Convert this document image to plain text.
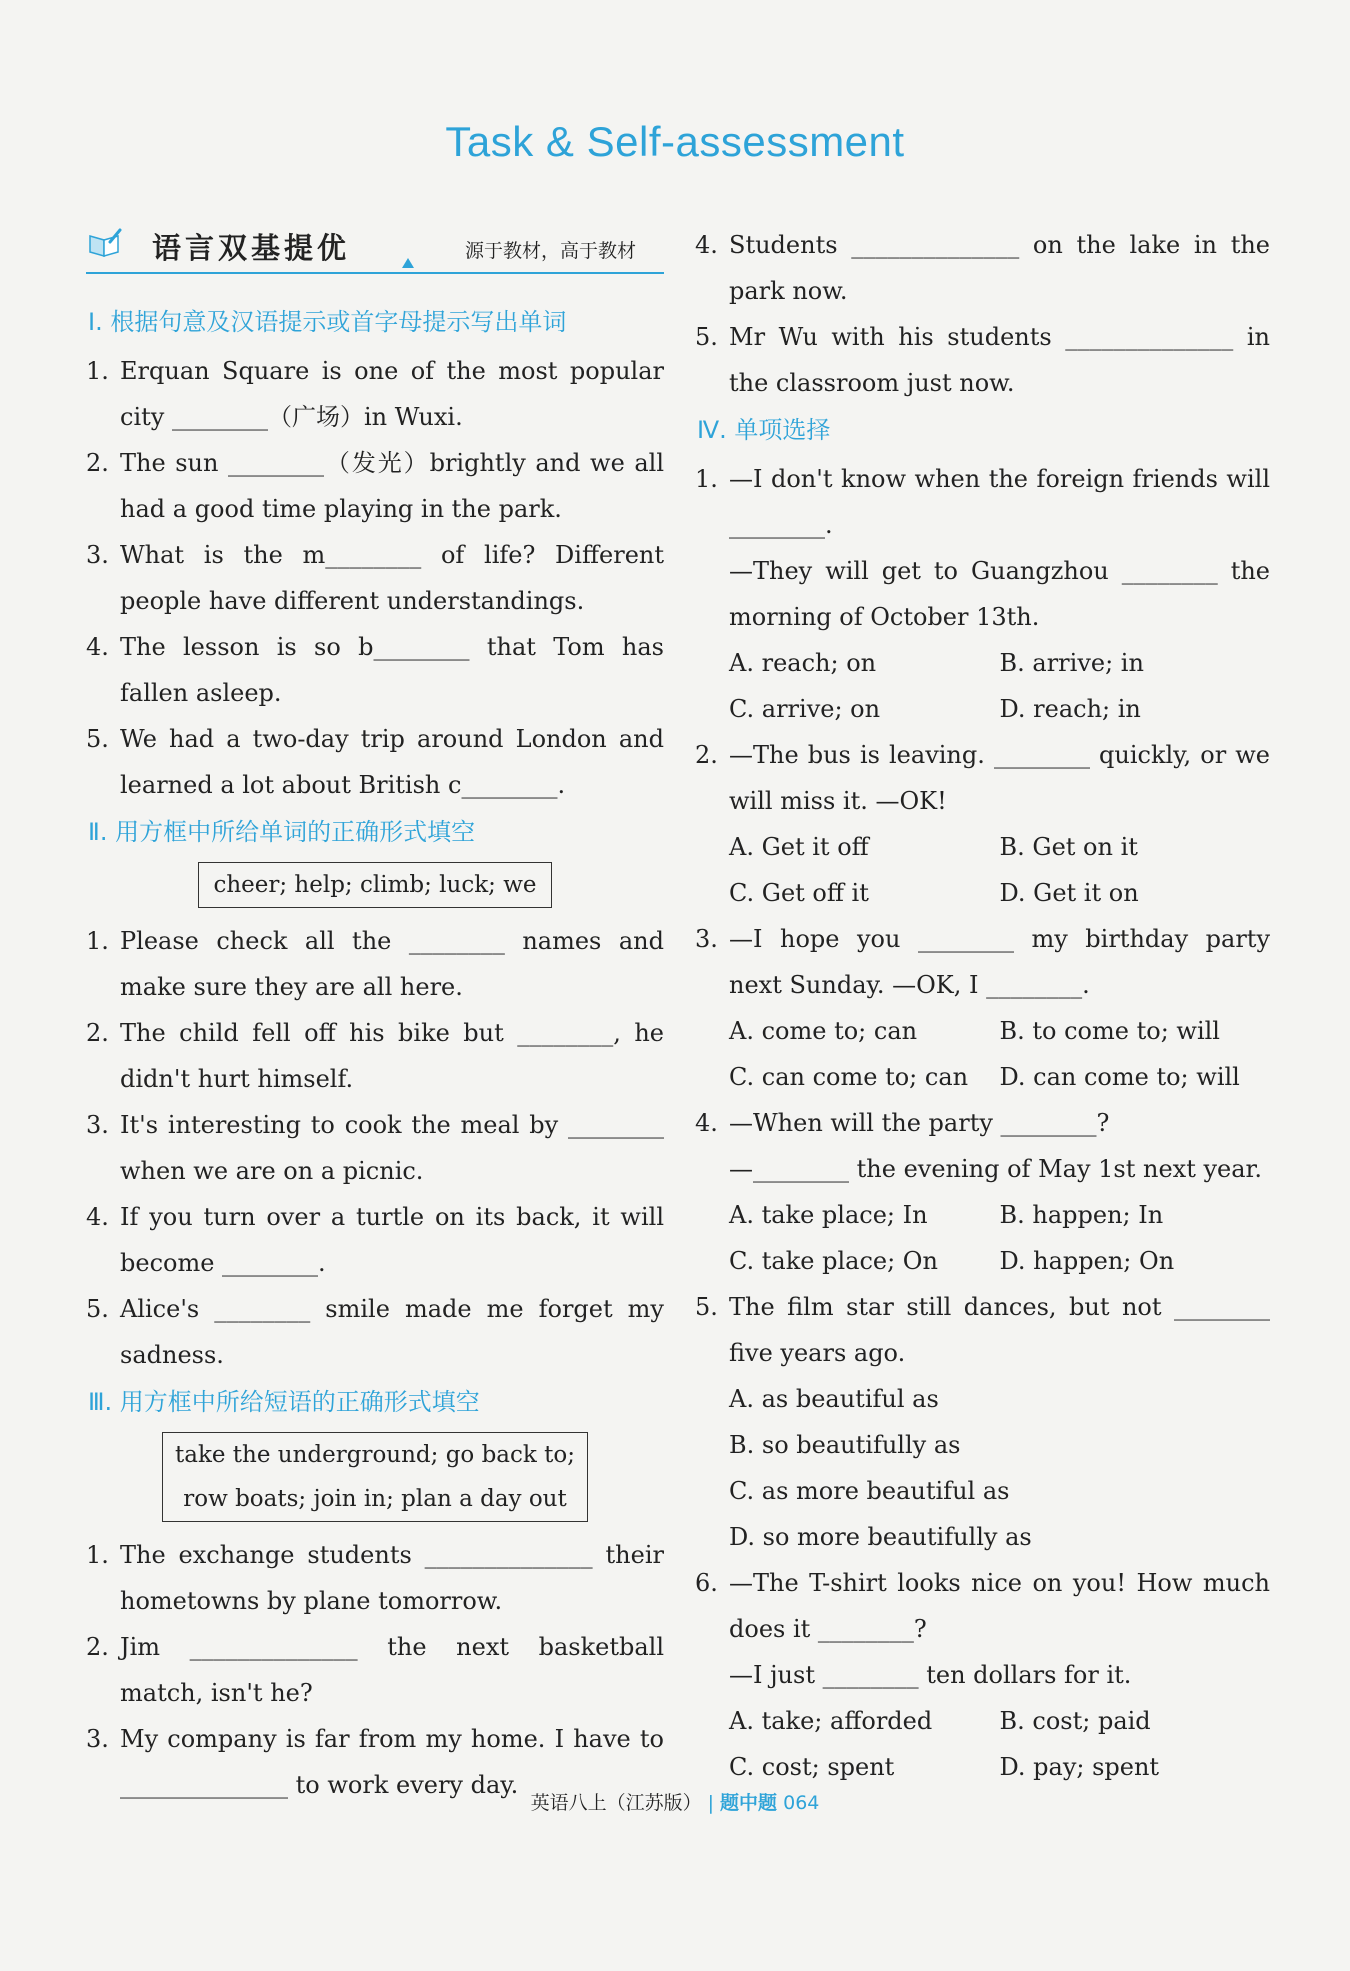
Task & Self-assessment
语言双基提优	源于教材，高于教材
Ⅰ. 根据句意及汉语提示或首字母提示写出单词
1. Erquan Square is one of the most popular city ________（广场）in Wuxi.
2. The sun ________（发光）brightly and we all had a good time playing in the park.
3. What is the m________ of life? Different people have different understandings.
4. The lesson is so b________ that Tom has fallen asleep.
5. We had a two-day trip around London and learned a lot about British c________.
Ⅱ. 用方框中所给单词的正确形式填空
cheer; help; climb; luck; we
1. Please check all the ________ names and make sure they are all here.
2. The child fell off his bike but ________, he didn't hurt himself.
3. It's interesting to cook the meal by ________ when we are on a picnic.
4. If you turn over a turtle on its back, it will become ________.
5. Alice's ________ smile made me forget my sadness.
Ⅲ. 用方框中所给短语的正确形式填空
take the underground; go back to;
row boats; join in; plan a day out
1. The exchange students ______________ their hometowns by plane tomorrow.
2. Jim ______________ the next basketball match, isn't he?
3. My company is far from my home. I have to ______________ to work every day.
4. Students ______________ on the lake in the park now.
5. Mr Wu with his students ______________ in the classroom just now.
Ⅳ. 单项选择
1. —I don't know when the foreign friends will ________.
—They will get to Guangzhou ________ the morning of October 13th.
A. reach; on	B. arrive; in
C. arrive; on	D. reach; in
2. —The bus is leaving. ________ quickly, or we will miss it. —OK!
A. Get it off	B. Get on it
C. Get off it	D. Get it on
3. —I hope you ________ my birthday party next Sunday. —OK, I ________.
A. come to; can	B. to come to; will
C. can come to; can	D. can come to; will
4. —When will the party ________?
—________ the evening of May 1st next year.
A. take place; In	B. happen; In
C. take place; On	D. happen; On
5. The film star still dances, but not ________ five years ago.
A. as beautiful as
B. so beautifully as
C. as more beautiful as
D. so more beautifully as
6. —The T-shirt looks nice on you! How much does it ________?
—I just ________ ten dollars for it.
A. take; afforded	B. cost; paid
C. cost; spent	D. pay; spent
英语八上（江苏版） | 题中题 064
